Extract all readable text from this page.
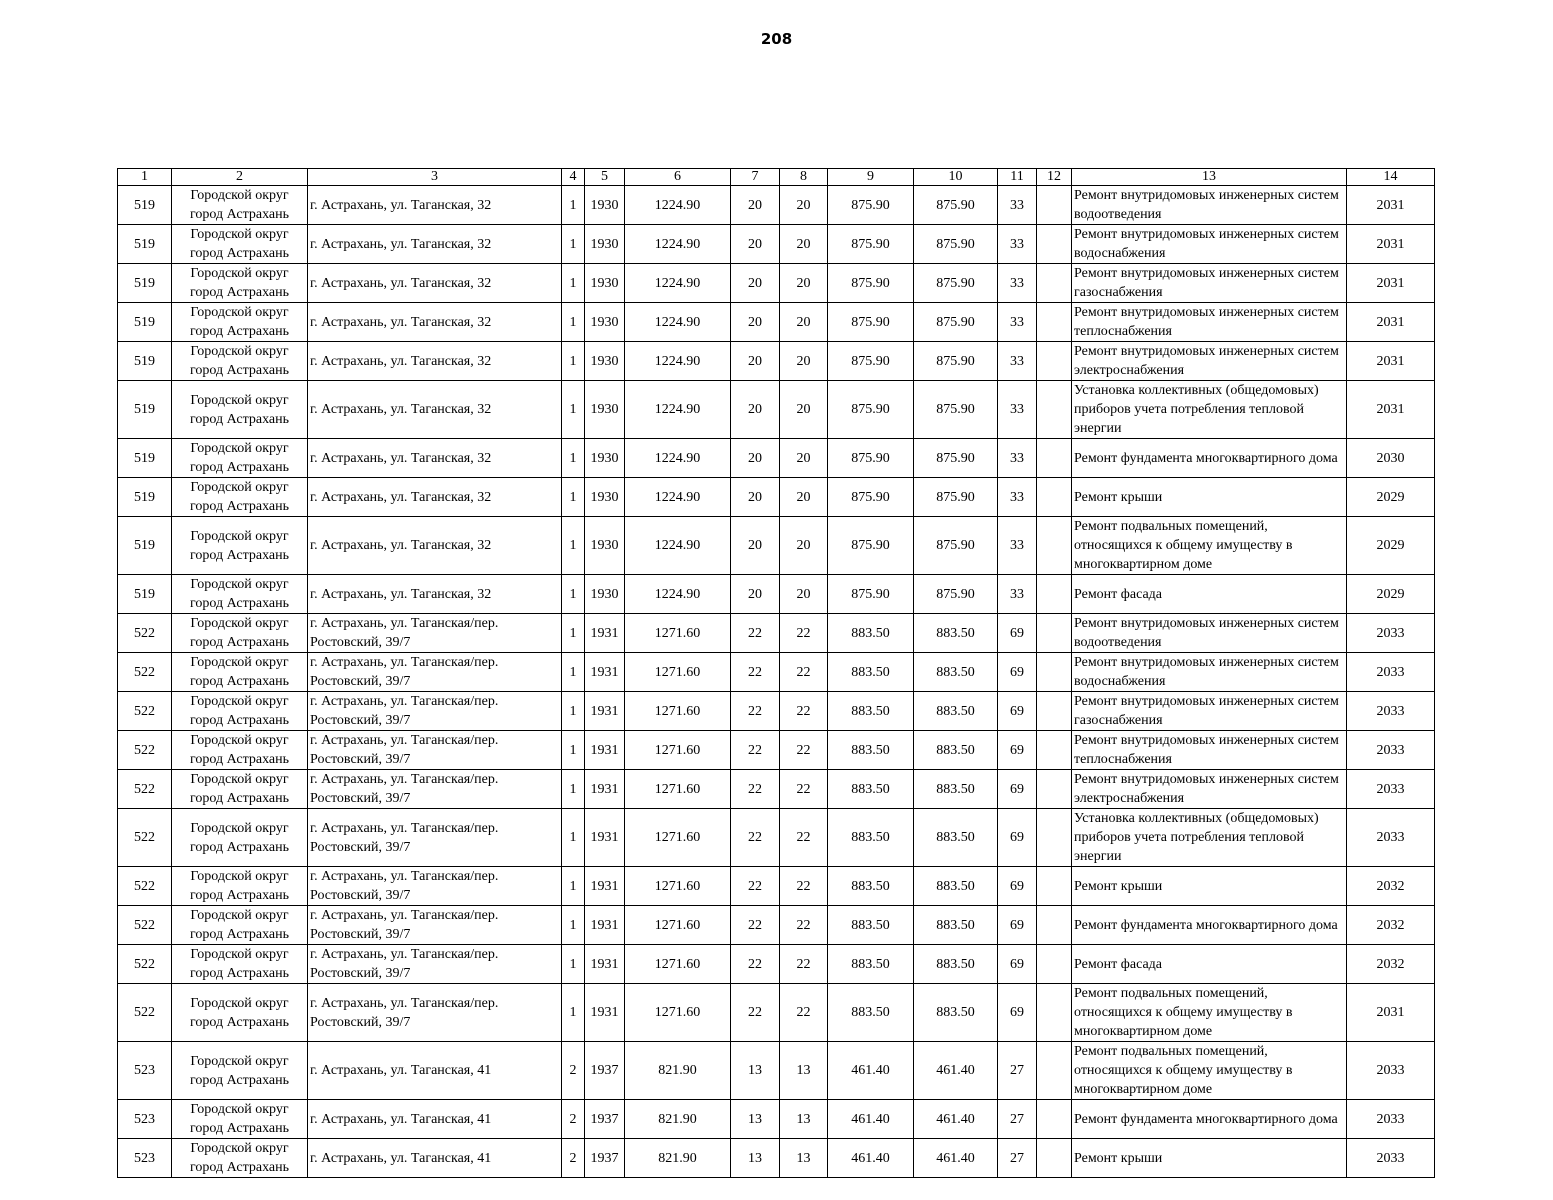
208
1	2	3	4	5	6	7	8	9	10	11	12	13	14
519	Городской округ город Астрахань	г. Астрахань, ул. Таганская, 32	1	1930	1224.90	20	20	875.90	875.90	33		Ремонт внутридомовых инженерных систем водоотведения	2031
519	Городской округ город Астрахань	г. Астрахань, ул. Таганская, 32	1	1930	1224.90	20	20	875.90	875.90	33		Ремонт внутридомовых инженерных систем водоснабжения	2031
519	Городской округ город Астрахань	г. Астрахань, ул. Таганская, 32	1	1930	1224.90	20	20	875.90	875.90	33		Ремонт внутридомовых инженерных систем газоснабжения	2031
519	Городской округ город Астрахань	г. Астрахань, ул. Таганская, 32	1	1930	1224.90	20	20	875.90	875.90	33		Ремонт внутридомовых инженерных систем теплоснабжения	2031
519	Городской округ город Астрахань	г. Астрахань, ул. Таганская, 32	1	1930	1224.90	20	20	875.90	875.90	33		Ремонт внутридомовых инженерных систем электроснабжения	2031
519	Городской округ город Астрахань	г. Астрахань, ул. Таганская, 32	1	1930	1224.90	20	20	875.90	875.90	33		Установка коллективных (общедомовых) приборов учета потребления тепловой энергии	2031
519	Городской округ город Астрахань	г. Астрахань, ул. Таганская, 32	1	1930	1224.90	20	20	875.90	875.90	33		Ремонт фундамента многоквартирного дома	2030
519	Городской округ город Астрахань	г. Астрахань, ул. Таганская, 32	1	1930	1224.90	20	20	875.90	875.90	33		Ремонт крыши	2029
519	Городской округ город Астрахань	г. Астрахань, ул. Таганская, 32	1	1930	1224.90	20	20	875.90	875.90	33		Ремонт подвальных помещений, относящихся к общему имуществу в многоквартирном доме	2029
519	Городской округ город Астрахань	г. Астрахань, ул. Таганская, 32	1	1930	1224.90	20	20	875.90	875.90	33		Ремонт фасада	2029
522	Городской округ город Астрахань	г. Астрахань, ул. Таганская/пер. Ростовский, 39/7	1	1931	1271.60	22	22	883.50	883.50	69		Ремонт внутридомовых инженерных систем водоотведения	2033
522	Городской округ город Астрахань	г. Астрахань, ул. Таганская/пер. Ростовский, 39/7	1	1931	1271.60	22	22	883.50	883.50	69		Ремонт внутридомовых инженерных систем водоснабжения	2033
522	Городской округ город Астрахань	г. Астрахань, ул. Таганская/пер. Ростовский, 39/7	1	1931	1271.60	22	22	883.50	883.50	69		Ремонт внутридомовых инженерных систем газоснабжения	2033
522	Городской округ город Астрахань	г. Астрахань, ул. Таганская/пер. Ростовский, 39/7	1	1931	1271.60	22	22	883.50	883.50	69		Ремонт внутридомовых инженерных систем теплоснабжения	2033
522	Городской округ город Астрахань	г. Астрахань, ул. Таганская/пер. Ростовский, 39/7	1	1931	1271.60	22	22	883.50	883.50	69		Ремонт внутридомовых инженерных систем электроснабжения	2033
522	Городской округ город Астрахань	г. Астрахань, ул. Таганская/пер. Ростовский, 39/7	1	1931	1271.60	22	22	883.50	883.50	69		Установка коллективных (общедомовых) приборов учета потребления тепловой энергии	2033
522	Городской округ город Астрахань	г. Астрахань, ул. Таганская/пер. Ростовский, 39/7	1	1931	1271.60	22	22	883.50	883.50	69		Ремонт крыши	2032
522	Городской округ город Астрахань	г. Астрахань, ул. Таганская/пер. Ростовский, 39/7	1	1931	1271.60	22	22	883.50	883.50	69		Ремонт фундамента многоквартирного дома	2032
522	Городской округ город Астрахань	г. Астрахань, ул. Таганская/пер. Ростовский, 39/7	1	1931	1271.60	22	22	883.50	883.50	69		Ремонт фасада	2032
522	Городской округ город Астрахань	г. Астрахань, ул. Таганская/пер. Ростовский, 39/7	1	1931	1271.60	22	22	883.50	883.50	69		Ремонт подвальных помещений, относящихся к общему имуществу в многоквартирном доме	2031
523	Городской округ город Астрахань	г. Астрахань, ул. Таганская, 41	2	1937	821.90	13	13	461.40	461.40	27		Ремонт подвальных помещений, относящихся к общему имуществу в многоквартирном доме	2033
523	Городской округ город Астрахань	г. Астрахань, ул. Таганская, 41	2	1937	821.90	13	13	461.40	461.40	27		Ремонт фундамента многоквартирного дома	2033
523	Городской округ город Астрахань	г. Астрахань, ул. Таганская, 41	2	1937	821.90	13	13	461.40	461.40	27		Ремонт крыши	2033
